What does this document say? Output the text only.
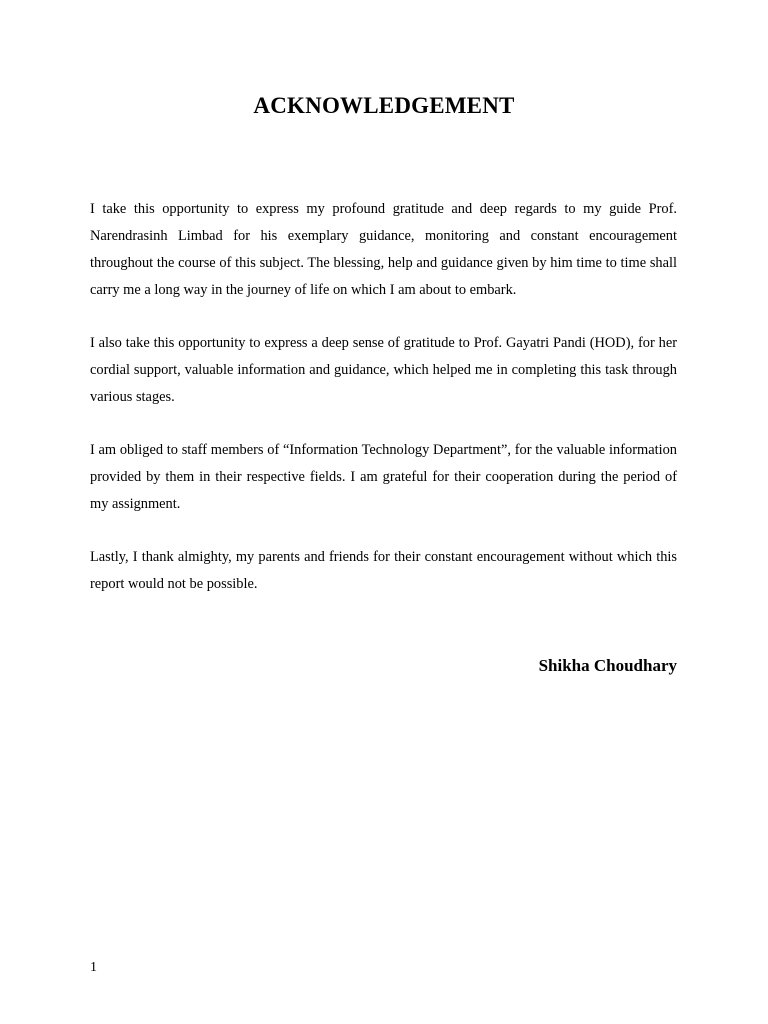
ACKNOWLEDGEMENT

I take this opportunity to express my profound gratitude and deep regards to my guide Prof. Narendrasinh Limbad for his exemplary guidance, monitoring and constant encouragement throughout the course of this subject. The blessing, help and guidance given by him time to time shall carry me a long way in the journey of life on which I am about to embark.

I also take this opportunity to express a deep sense of gratitude to Prof. Gayatri Pandi (HOD), for her cordial support, valuable information and guidance, which helped me in completing this task through various stages.

I am obliged to staff members of “Information Technology Department”, for the valuable information provided by them in their respective fields. I am grateful for their cooperation during the period of my assignment.

Lastly, I thank almighty, my parents and friends for their constant encouragement without which this report would not be possible.

Shikha Choudhary

1
